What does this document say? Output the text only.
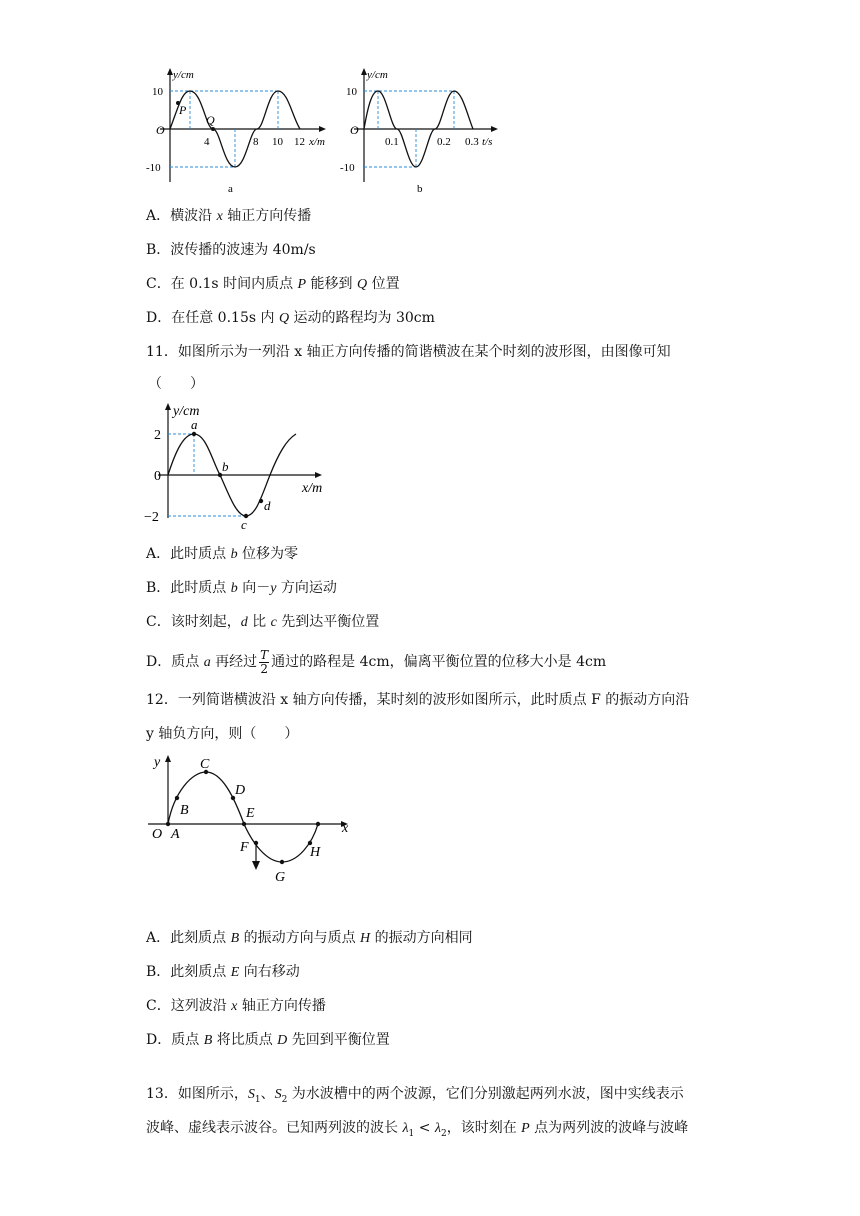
P
Q
y/cm
O
10
-10
4	8 10 12 x/m
a
y/cm
O
10
-10
0.1	0.2 0.3 t/s
b
A．横波沿 x 轴正方向传播
B．波传播的波速为 40m/s
C．在 0.1s 时间内质点 P 能移到 Q 位置
D．在任意 0.15s 内 Q 运动的路程均为 30cm
11．如图所示为一列沿 x 轴正方向传播的简谐横波在某个时刻的波形图，由图像可知
（　　）
y/cm
x/m
2
0
−2
a
b
c
d
A．此时质点 b 位移为零
B．此时质点 b 向－y 方向运动
C．该时刻起，d 比 c 先到达平衡位置
D．质点 a 再经过 $\frac{T}{2}$ 通过的路程是 4cm，偏离平衡位置的位移大小是 4cm
12．一列简谐横波沿 x 轴方向传播，某时刻的波形如图所示，此时质点 F 的振动方向沿
y 轴负方向，则（　　）
y
x
O A
B
C
D
E
F
G
H
A．此刻质点 B 的振动方向与质点 H 的振动方向相同
B．此刻质点 E 向右移动
C．这列波沿 x 轴正方向传播
D．质点 B 将比质点 D 先回到平衡位置
13．如图所示，$S_1$、$S_2$ 为水波槽中的两个波源，它们分别激起两列水波，图中实线表示
波峰、虚线表示波谷。已知两列波的波长 $\lambda_1 < \lambda_2$，该时刻在 P 点为两列波的波峰与波峰
